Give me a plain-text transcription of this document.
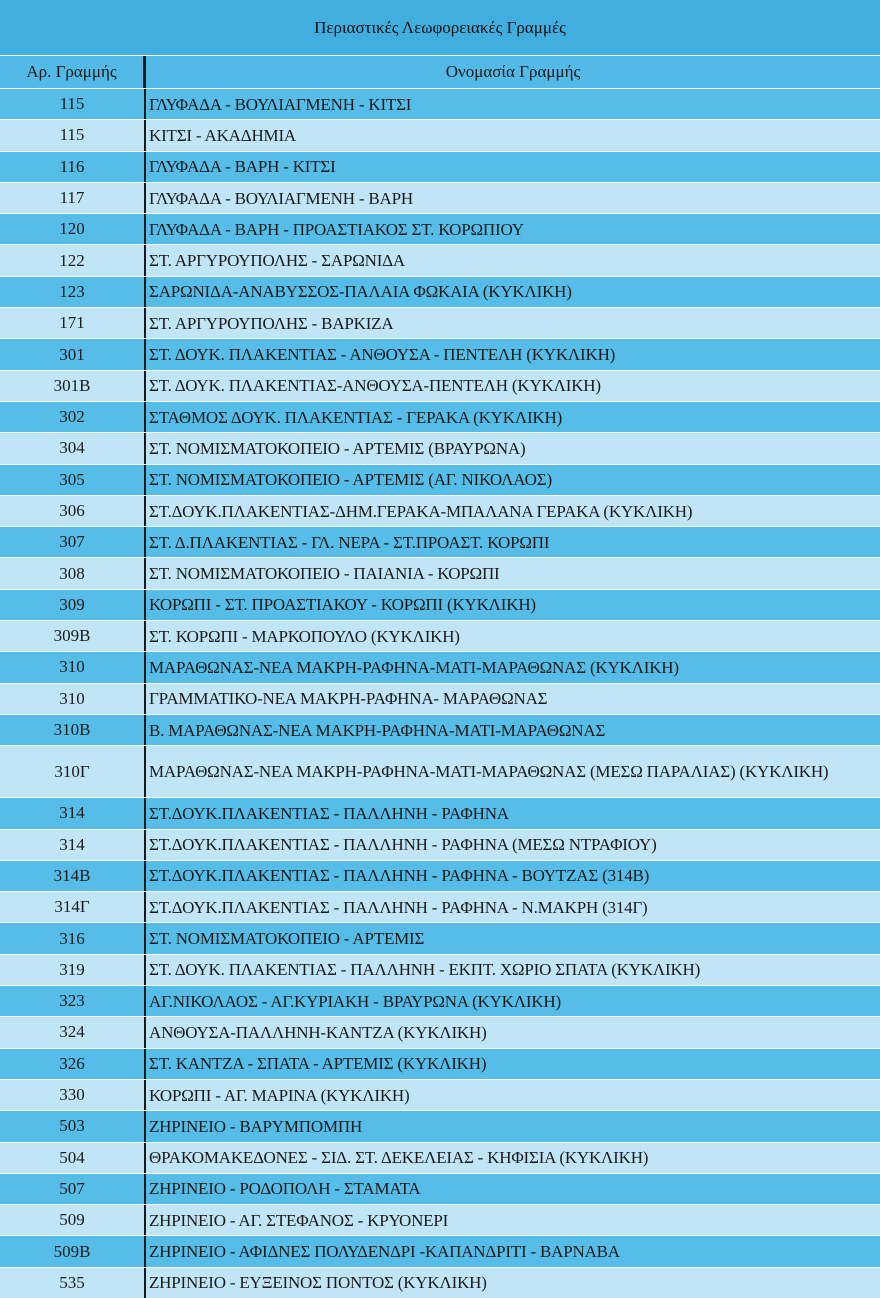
Περιαστικές Λεωφορειακές Γραμμές
Αρ. Γραμμής	Ονομασία Γραμμής
115	ΓΛΥΦΑΔΑ - ΒΟΥΛΙΑΓΜΕΝΗ - ΚΙΤΣΙ
115	ΚΙΤΣΙ - ΑΚΑΔΗΜΙΑ
116	ΓΛΥΦΑΔΑ - ΒΑΡΗ - ΚΙΤΣΙ
117	ΓΛΥΦΑΔΑ - ΒΟΥΛΙΑΓΜΕΝΗ - ΒΑΡΗ
120	ΓΛΥΦΑΔΑ - ΒΑΡΗ - ΠΡΟΑΣΤΙΑΚΟΣ ΣΤ. ΚΟΡΩΠΙΟΥ
122	ΣΤ. ΑΡΓΥΡΟΥΠΟΛΗΣ - ΣΑΡΩΝΙΔΑ
123	ΣΑΡΩΝΙΔΑ-ΑΝΑΒΥΣΣΟΣ-ΠΑΛΑΙΑ ΦΩΚΑΙΑ (ΚΥΚΛΙΚΗ)
171	ΣΤ. ΑΡΓΥΡΟΥΠΟΛΗΣ - ΒΑΡΚΙΖΑ
301	ΣΤ. ΔΟΥΚ. ΠΛΑΚΕΝΤΙΑΣ - ΑΝΘΟΥΣΑ - ΠΕΝΤΕΛΗ (ΚΥΚΛΙΚΗ)
301Β	ΣΤ. ΔΟΥΚ. ΠΛΑΚΕΝΤΙΑΣ-ΑΝΘΟΥΣΑ-ΠΕΝΤΕΛΗ (ΚΥΚΛΙΚΗ)
302	ΣΤΑΘΜΟΣ ΔΟΥΚ. ΠΛΑΚΕΝΤΙΑΣ - ΓΕΡΑΚΑ (ΚΥΚΛΙΚΗ)
304	ΣΤ. ΝΟΜΙΣΜΑΤΟΚΟΠΕΙΟ - ΑΡΤΕΜΙΣ (ΒΡΑΥΡΩΝΑ)
305	ΣΤ. ΝΟΜΙΣΜΑΤΟΚΟΠΕΙΟ - ΑΡΤΕΜΙΣ (ΑΓ. ΝΙΚΟΛΑΟΣ)
306	ΣΤ.ΔΟΥΚ.ΠΛΑΚΕΝΤΙΑΣ-ΔΗΜ.ΓΕΡΑΚΑ-ΜΠΑΛΑΝΑ ΓΕΡΑΚΑ (ΚΥΚΛΙΚΗ)
307	ΣΤ. Δ.ΠΛΑΚΕΝΤΙΑΣ - ΓΛ. ΝΕΡΑ - ΣΤ.ΠΡΟΑΣΤ. ΚΟΡΩΠΙ
308	ΣΤ. ΝΟΜΙΣΜΑΤΟΚΟΠΕΙΟ - ΠΑΙΑΝΙΑ - ΚΟΡΩΠΙ
309	ΚΟΡΩΠΙ - ΣΤ. ΠΡΟΑΣΤΙΑΚΟΥ - ΚΟΡΩΠΙ (ΚΥΚΛΙΚΗ)
309Β	ΣΤ. ΚΟΡΩΠΙ - ΜΑΡΚΟΠΟΥΛΟ (ΚΥΚΛΙΚΗ)
310	ΜΑΡΑΘΩΝΑΣ-ΝΕΑ ΜΑΚΡΗ-ΡΑΦΗΝΑ-ΜΑΤΙ-ΜΑΡΑΘΩΝΑΣ (ΚΥΚΛΙΚΗ)
310	ΓΡΑΜΜΑΤΙΚΟ-ΝΕΑ ΜΑΚΡΗ-ΡΑΦΗΝΑ- ΜΑΡΑΘΩΝΑΣ
310Β	Β. ΜΑΡΑΘΩΝΑΣ-ΝΕΑ ΜΑΚΡΗ-ΡΑΦΗΝΑ-ΜΑΤΙ-ΜΑΡΑΘΩΝΑΣ
310Γ	ΜΑΡΑΘΩΝΑΣ-ΝΕΑ ΜΑΚΡΗ-ΡΑΦΗΝΑ-ΜΑΤΙ-ΜΑΡΑΘΩΝΑΣ (ΜΕΣΩ ΠΑΡΑΛΙΑΣ) (ΚΥΚΛΙΚΗ)
314	ΣΤ.ΔΟΥΚ.ΠΛΑΚΕΝΤΙΑΣ - ΠΑΛΛΗΝΗ - ΡΑΦΗΝΑ
314	ΣΤ.ΔΟΥΚ.ΠΛΑΚΕΝΤΙΑΣ - ΠΑΛΛΗΝΗ - ΡΑΦΗΝΑ (ΜΕΣΩ ΝΤΡΑΦΙΟΥ)
314Β	ΣΤ.ΔΟΥΚ.ΠΛΑΚΕΝΤΙΑΣ - ΠΑΛΛΗΝΗ - ΡΑΦΗΝΑ - ΒΟΥΤΖΑΣ (314Β)
314Γ	ΣΤ.ΔΟΥΚ.ΠΛΑΚΕΝΤΙΑΣ - ΠΑΛΛΗΝΗ - ΡΑΦΗΝΑ - Ν.ΜΑΚΡΗ (314Γ)
316	ΣΤ. ΝΟΜΙΣΜΑΤΟΚΟΠΕΙΟ - ΑΡΤΕΜΙΣ
319	ΣΤ. ΔΟΥΚ. ΠΛΑΚΕΝΤΙΑΣ - ΠΑΛΛΗΝΗ - ΕΚΠΤ. ΧΩΡΙΟ ΣΠΑΤΑ (ΚΥΚΛΙΚΗ)
323	ΑΓ.ΝΙΚΟΛΑΟΣ - ΑΓ.ΚΥΡΙΑΚΗ - ΒΡΑΥΡΩΝΑ (ΚΥΚΛΙΚΗ)
324	ΑΝΘΟΥΣΑ-ΠΑΛΛΗΝΗ-ΚΑΝΤΖΑ (ΚΥΚΛΙΚΗ)
326	ΣΤ. ΚΑΝΤΖΑ - ΣΠΑΤΑ - ΑΡΤΕΜΙΣ (ΚΥΚΛΙΚΗ)
330	ΚΟΡΩΠΙ - ΑΓ. ΜΑΡΙΝΑ (ΚΥΚΛΙΚΗ)
503	ΖΗΡΙΝΕΙΟ - ΒΑΡΥΜΠΟΜΠΗ
504	ΘΡΑΚΟΜΑΚΕΔΟΝΕΣ - ΣΙΔ. ΣΤ. ΔΕΚΕΛΕΙΑΣ - ΚΗΦΙΣΙΑ (ΚΥΚΛΙΚΗ)
507	ΖΗΡΙΝΕΙΟ - ΡΟΔΟΠΟΛΗ - ΣΤΑΜΑΤΑ
509	ΖΗΡΙΝΕΙΟ - ΑΓ. ΣΤΕΦΑΝΟΣ - ΚΡΥΟΝΕΡΙ
509Β	ΖΗΡΙΝΕΙΟ - ΑΦΙΔΝΕΣ ΠΟΛΥΔΕΝΔΡΙ -ΚΑΠΑΝΔΡΙΤΙ - ΒΑΡΝΑΒΑ
535	ΖΗΡΙΝΕΙΟ - ΕΥΞΕΙΝΟΣ ΠΟΝΤΟΣ (ΚΥΚΛΙΚΗ)
